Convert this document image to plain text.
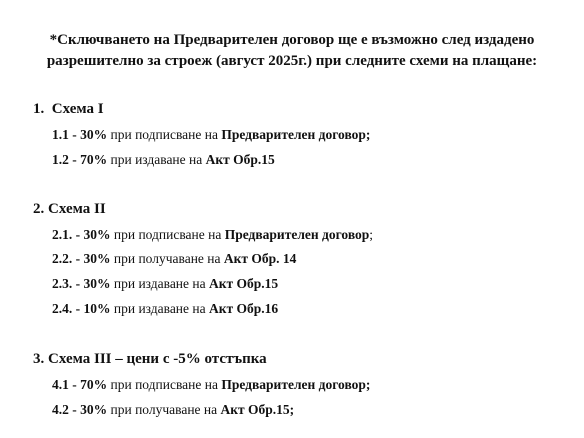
*Сключването на Предварителен договор ще е възможно след издадено
разрешително за строеж (август 2025г.) при следните схеми на плащане:
1. Схема I
1.1 - 30% при подписване на Предварителен договор;
1.2 - 70% при издаване на Акт Обр.15
2. Схема II
2.1. - 30% при подписване на Предварителен договор;
2.2. - 30% при получаване на Акт Обр. 14
2.3. - 30% при издаване на Акт Обр.15
2.4. - 10% при издаване на Акт Обр.16
3. Схема III – цени с -5% отстъпка
4.1 - 70% при подписване на Предварителен договор;
4.2 - 30% при получаване на Акт Обр.15;
